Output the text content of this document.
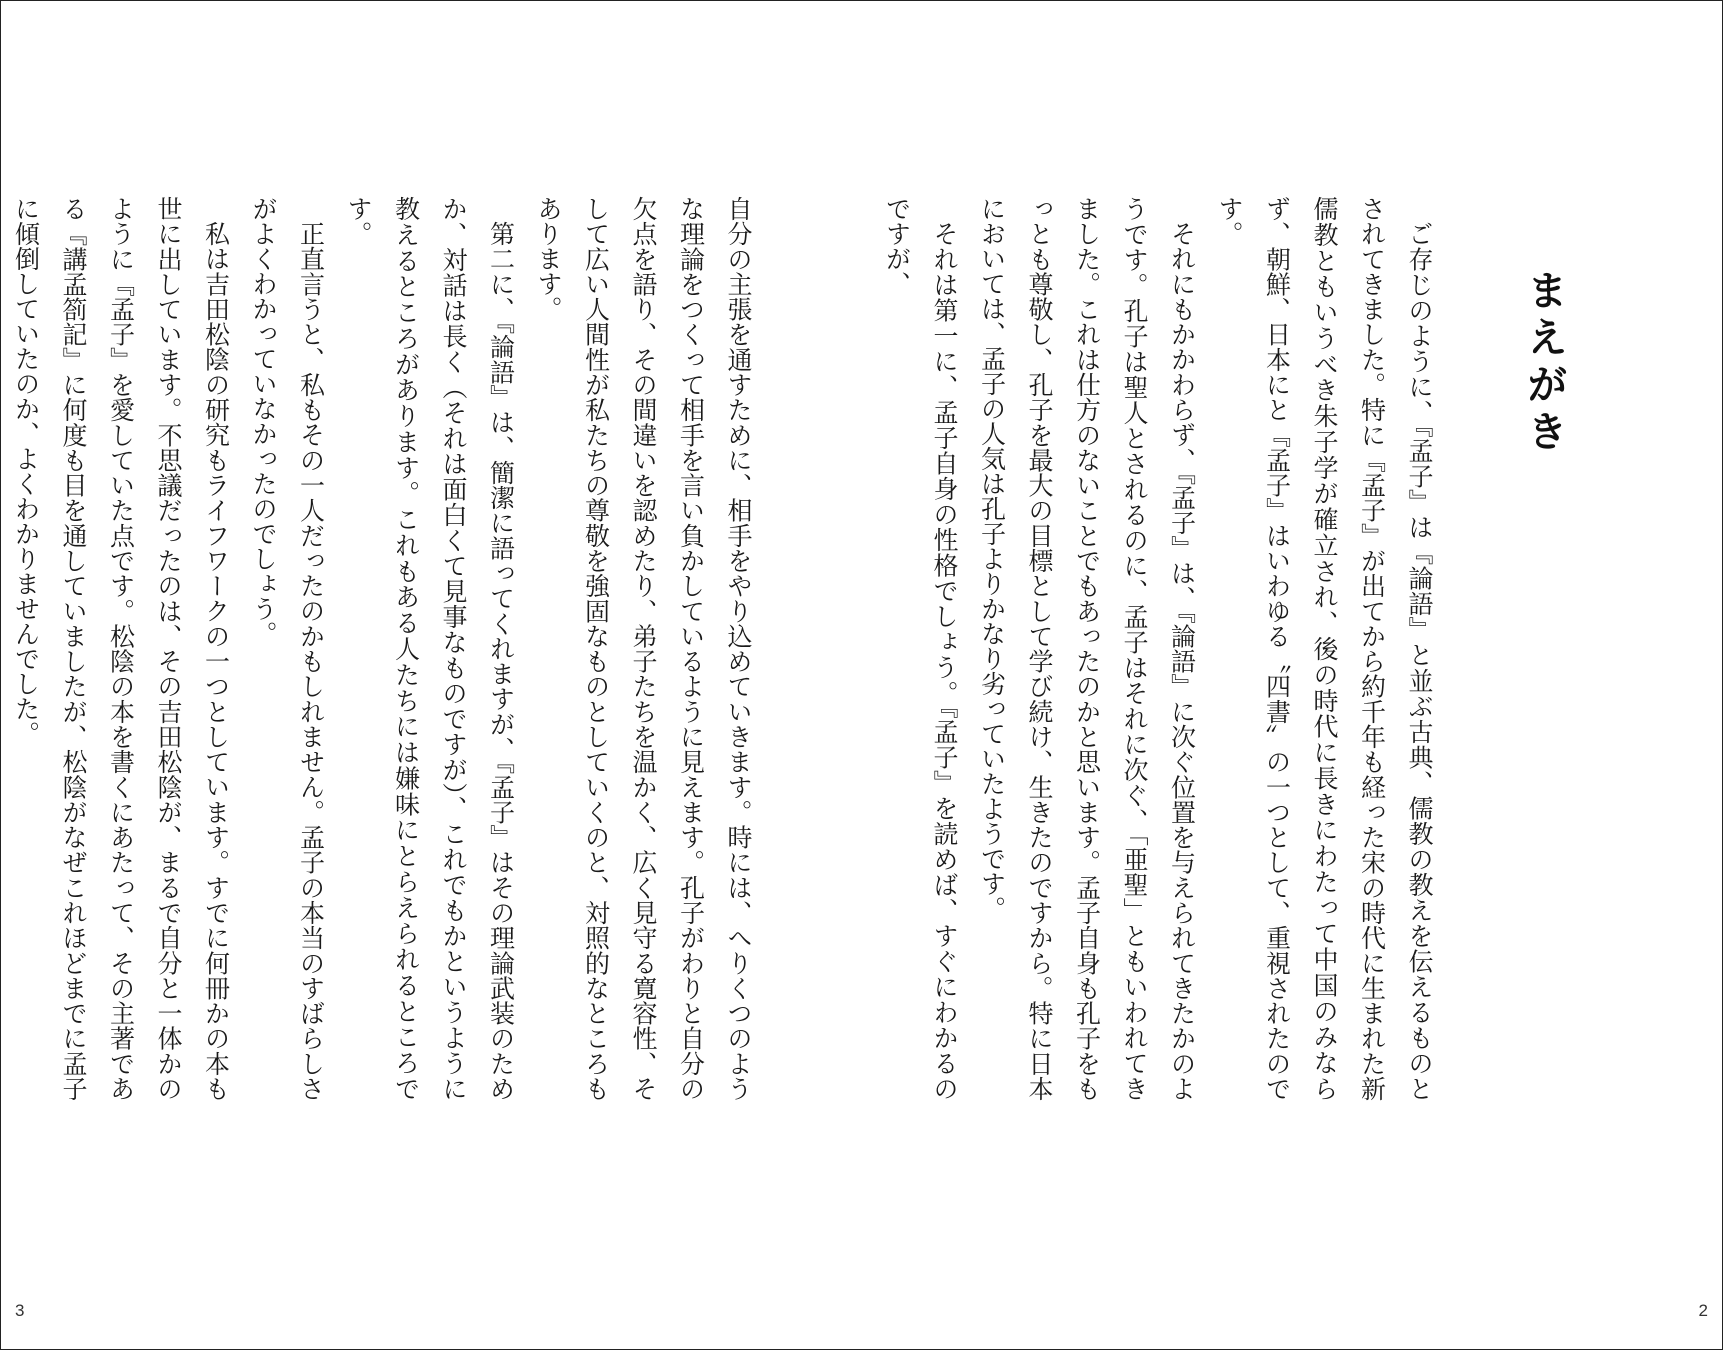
まえがき

ご存じのように、『孟子』は『論語』と並ぶ古典、儒教の教えを伝えるものとされてきました。特に『孟子』が出てから約千年も経った宋の時代に生まれた新儒教ともいうべき朱子学が確立され、後の時代に長きにわたって中国のみならず、朝鮮、日本にと『孟子』はいわゆる〝四書〟の一つとして、重視されたのです。

それにもかかわらず、『孟子』は、『論語』に次ぐ位置を与えられてきたかのようです。孔子は聖人とされるのに、孟子はそれに次ぐ、「亜聖」ともいわれてきました。これは仕方のないことでもあったのかと思います。孟子自身も孔子をもっとも尊敬し、孔子を最大の目標として学び続け、生きたのですから。特に日本においては、孟子の人気は孔子よりかなり劣っていたようです。

それは第一に、孟子自身の性格でしょう。『孟子』を読めば、すぐにわかるのですが、

2

自分の主張を通すために、相手をやり込めていきます。時には、へりくつのような理論をつくって相手を言い負かしているように見えます。孔子がわりと自分の欠点を語り、その間違いを認めたり、弟子たちを温かく、広く見守る寛容性、そして広い人間性が私たちの尊敬を強固なものとしていくのと、対照的なところもあります。

第二に、『論語』は、簡潔に語ってくれますが、『孟子』はその理論武装のためか、対話は長く（それは面白くて見事なものですが）、これでもかというように教えるところがあります。これもある人たちには嫌味にとらえられるところです。

正直言うと、私もその一人だったのかもしれません。孟子の本当のすばらしさがよくわかっていなかったのでしょう。

私は吉田松陰の研究もライフワークの一つとしています。すでに何冊かの本も世に出しています。不思議だったのは、その吉田松陰が、まるで自分と一体かのように『孟子』を愛していた点です。松陰の本を書くにあたって、その主著である『講孟箚記』に何度も目を通していましたが、松陰がなぜこれほどまでに孟子に傾倒していたのか、よくわかりませんでした。

3
